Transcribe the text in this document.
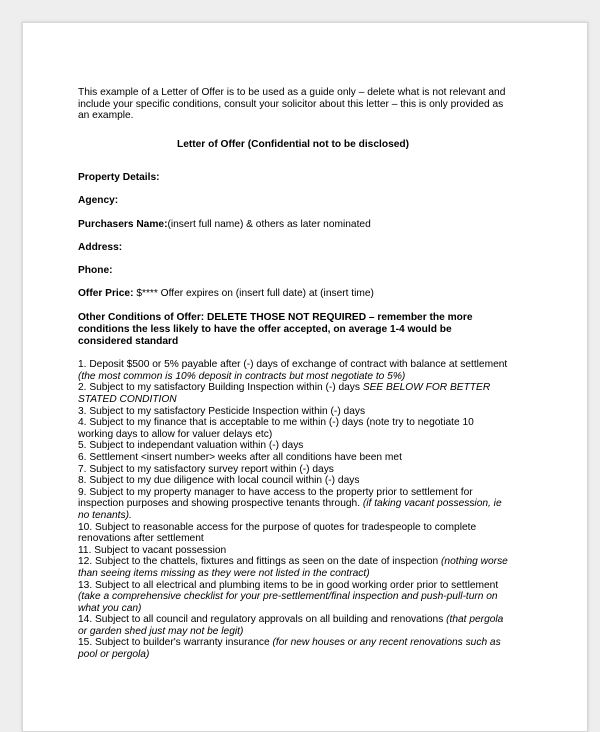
This example of a Letter of Offer is to be used as a guide only – delete what is not relevant and include your specific conditions, consult your solicitor about this letter – this is only provided as an example.

Letter of Offer (Confidential not to be disclosed)

Property Details:

Agency:

Purchasers Name:(insert full name) & others as later nominated

Address:

Phone:

Offer Price: $**** Offer expires on (insert full date) at (insert time)

Other Conditions of Offer: DELETE THOSE NOT REQUIRED – remember the more conditions the less likely to have the offer accepted, on average 1-4 would be considered standard

1. Deposit $500 or 5% payable after (-) days of exchange of contract with balance at settlement (the most common is 10% deposit in contracts but most negotiate to 5%)
2. Subject to my satisfactory Building Inspection within (-) days SEE BELOW FOR BETTER STATED CONDITION
3. Subject to my satisfactory Pesticide Inspection within (-) days
4. Subject to my finance that is acceptable to me within (-) days (note try to negotiate 10 working days to allow for valuer delays etc)
5. Subject to independant valuation within (-) days
6. Settlement <insert number> weeks after all conditions have been met
7. Subject to my satisfactory survey report within (-) days
8. Subject to my due diligence with local council within (-) days
9. Subject to my property manager to have access to the property prior to settlement for inspection purposes and showing prospective tenants through. (if taking vacant possession, ie no tenants).
10. Subject to reasonable access for the purpose of quotes for tradespeople to complete renovations after settlement
11. Subject to vacant possession
12. Subject to the chattels, fixtures and fittings as seen on the date of inspection (nothing worse than seeing items missing as they were not listed in the contract)
13. Subject to all electrical and plumbing items to be in good working order prior to settlement (take a comprehensive checklist for your pre-settlement/final inspection and push-pull-turn on what you can)
14. Subject to all council and regulatory approvals on all building and renovations (that pergola or garden shed just may not be legit)
15. Subject to builder's warranty insurance (for new houses or any recent renovations such as pool or pergola)
